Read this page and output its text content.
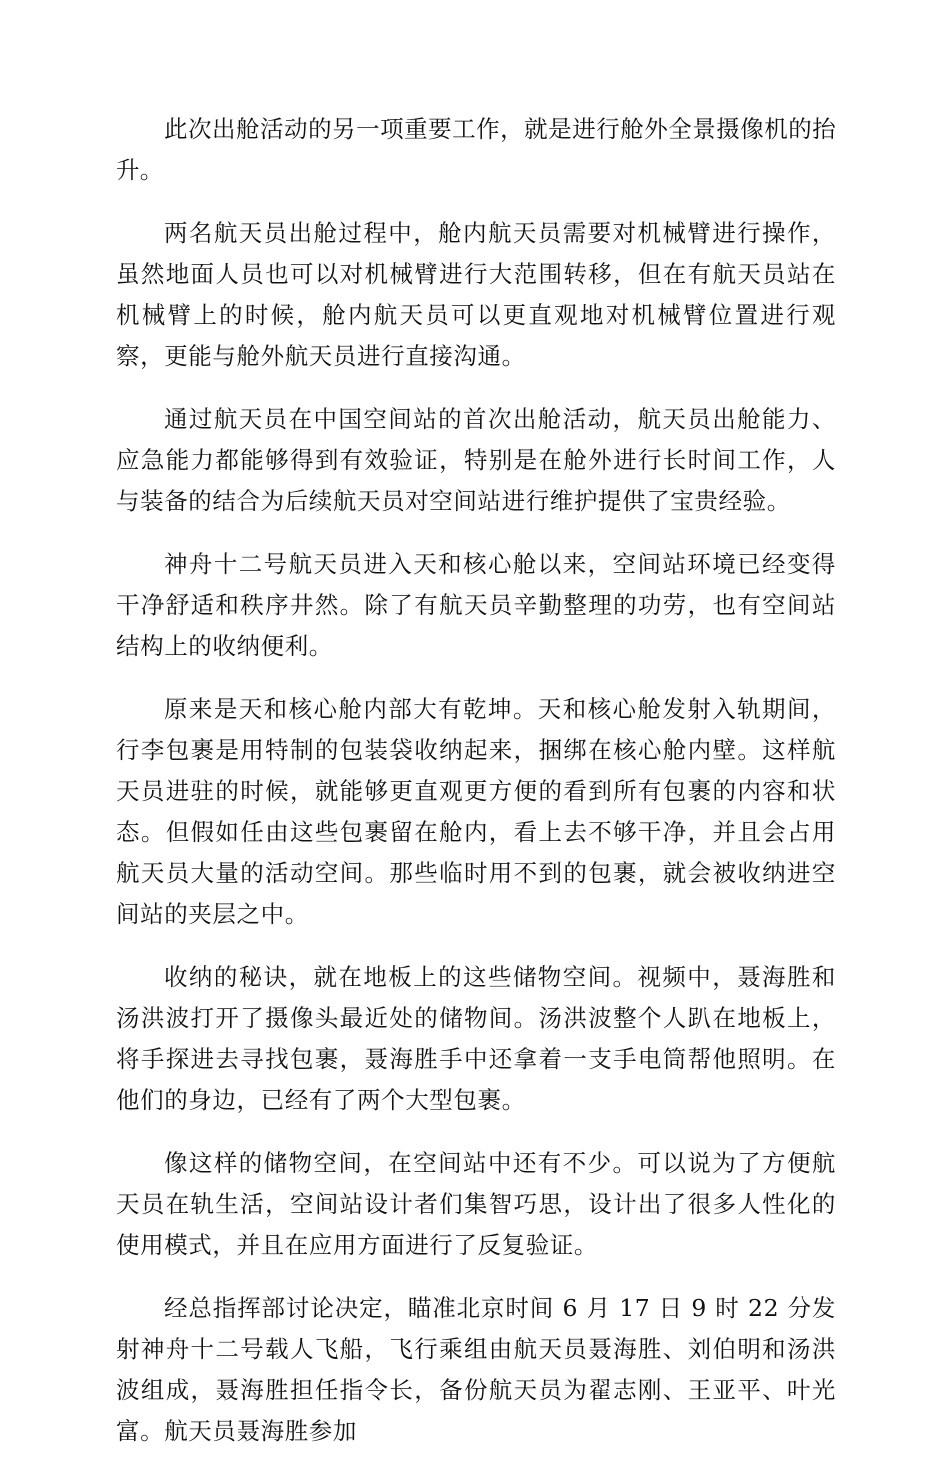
此次出舱活动的另一项重要工作，就是进行舱外全景摄像机的抬升。

两名航天员出舱过程中，舱内航天员需要对机械臂进行操作，虽然地面人员也可以对机械臂进行大范围转移，但在有航天员站在机械臂上的时候，舱内航天员可以更直观地对机械臂位置进行观察，更能与舱外航天员进行直接沟通。

通过航天员在中国空间站的首次出舱活动，航天员出舱能力、应急能力都能够得到有效验证，特别是在舱外进行长时间工作，人与装备的结合为后续航天员对空间站进行维护提供了宝贵经验。

神舟十二号航天员进入天和核心舱以来，空间站环境已经变得干净舒适和秩序井然。除了有航天员辛勤整理的功劳，也有空间站结构上的收纳便利。

原来是天和核心舱内部大有乾坤。天和核心舱发射入轨期间，行李包裹是用特制的包装袋收纳起来，捆绑在核心舱内壁。这样航天员进驻的时候，就能够更直观更方便的看到所有包裹的内容和状态。但假如任由这些包裹留在舱内，看上去不够干净，并且会占用航天员大量的活动空间。那些临时用不到的包裹，就会被收纳进空间站的夹层之中。

收纳的秘诀，就在地板上的这些储物空间。视频中，聂海胜和汤洪波打开了摄像头最近处的储物间。汤洪波整个人趴在地板上，将手探进去寻找包裹，聂海胜手中还拿着一支手电筒帮他照明。在他们的身边，已经有了两个大型包裹。

像这样的储物空间，在空间站中还有不少。可以说为了方便航天员在轨生活，空间站设计者们集智巧思，设计出了很多人性化的使用模式，并且在应用方面进行了反复验证。

经总指挥部讨论决定，瞄准北京时间 6 月 17 日 9 时 22 分发射神舟十二号载人飞船，飞行乘组由航天员聂海胜、刘伯明和汤洪波组成，聂海胜担任指令长，备份航天员为翟志刚、王亚平、叶光富。航天员聂海胜参加
